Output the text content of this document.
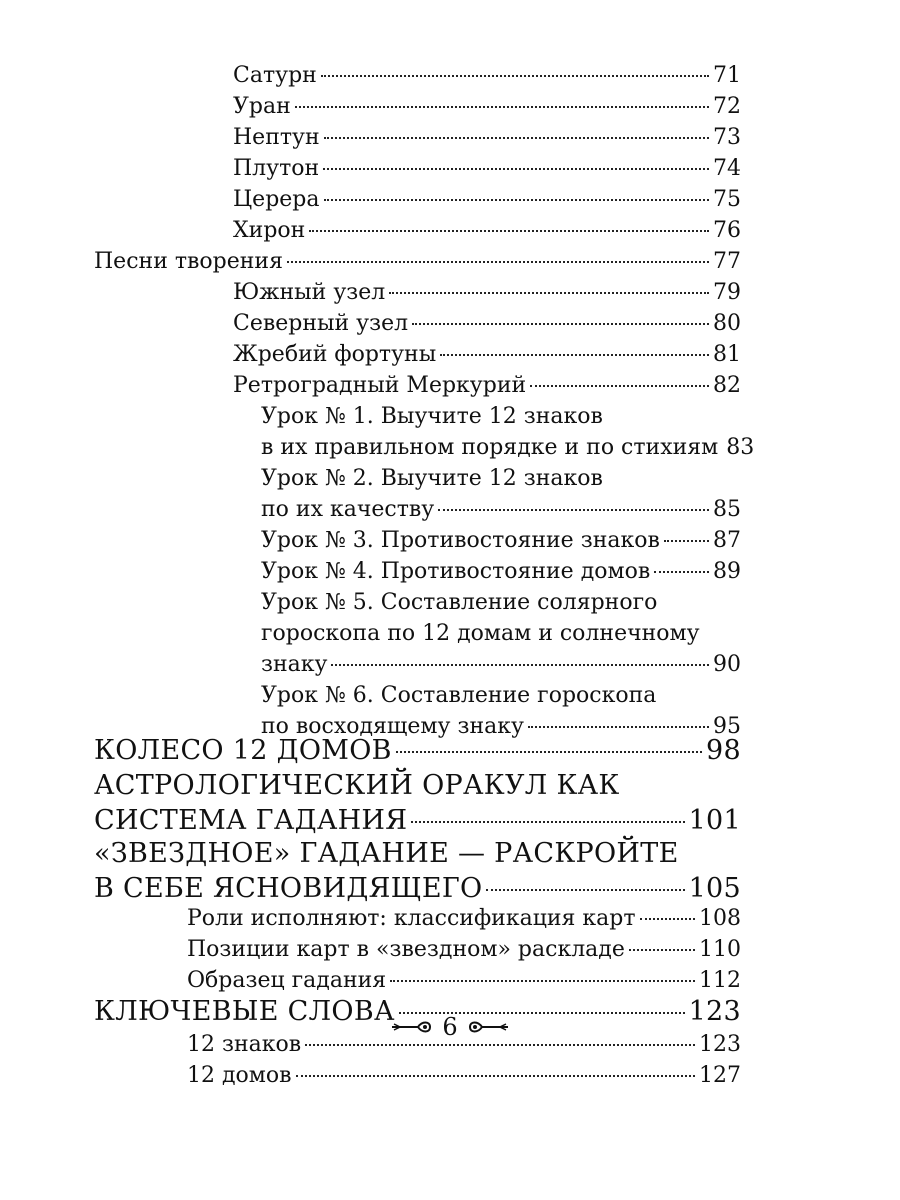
Сатурн	71
Уран	72
Нептун	73
Плутон	74
Церера	75
Хирон	76
Песни творения	77
Южный узел	79
Северный узел	80
Жребий фортуны	81
Ретроградный Меркурий	82
Урок № 1. Выучите 12 знаков
в их правильном порядке и по стихиям 83
Урок № 2. Выучите 12 знаков
по их качеству	85
Урок № 3. Противостояние знаков 87
Урок № 4. Противостояние домов	89
Урок № 5. Составление солярного
гороскопа по 12 домам и солнечному
знаку	90
Урок № 6. Составление гороскопа
по восходящему знаку	95
КОЛЕСО 12 ДОМОВ	98
АСТРОЛОГИЧЕСКИЙ ОРАКУЛ КАК
СИСТЕМА ГАДАНИЯ	101
«ЗВЕЗДНОЕ» ГАДАНИЕ — РАСКРОЙТЕ
В СЕБЕ ЯСНОВИДЯЩЕГО	105
Роли исполняют: классификация карт	108
Позиции карт в «звездном» раскладе	110
Образец гадания	112
КЛЮЧЕВЫЕ СЛОВА	123
12 знаков	123
12 домов	127
6
